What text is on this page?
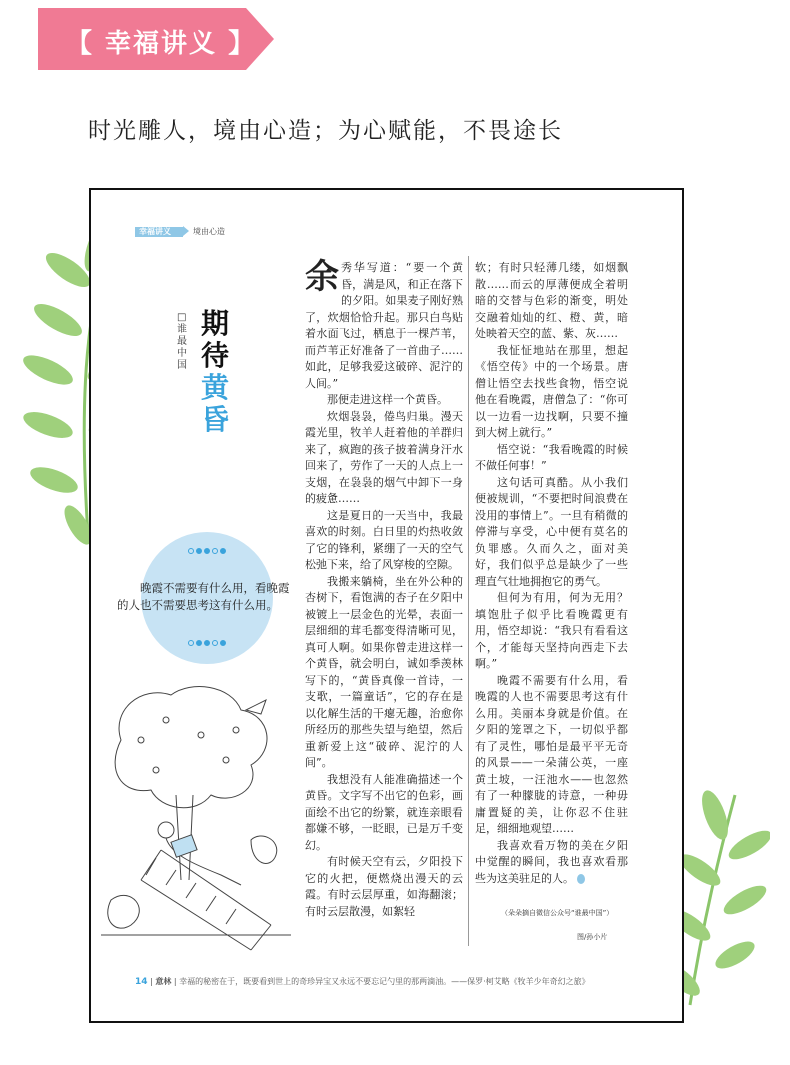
【 幸福讲义 】
时光雕人，境由心造；为心赋能，不畏途长
幸福讲义	境由心造
□谁最中国
期待黄昏
晚霞不需要有什么用，看晚霞的人也不需要思考这有什么用。

余秀华写道：“要一个黄昏，满是风，和正在落下的夕阳。如果麦子刚好熟了，炊烟恰恰升起。那只白鸟贴着水面飞过，栖息于一棵芦苇，而芦苇正好准备了一首曲子……如此，足够我爱这破碎、泥泞的人间。”

那便走进这样一个黄昏。

炊烟袅袅，倦鸟归巢。漫天霞光里，牧羊人赶着他的羊群归来了，疯跑的孩子披着满身汗水回来了，劳作了一天的人点上一支烟，在袅袅的烟气中卸下一身的疲惫……

这是夏日的一天当中，我最喜欢的时刻。白日里的灼热收敛了它的锋利，紧绷了一天的空气松弛下来，给了风穿梭的空隙。

我搬来躺椅，坐在外公种的杏树下，看饱满的杏子在夕阳中被镀上一层金色的光晕，表面一层细细的茸毛都变得清晰可见，真可人啊。如果你曾走进这样一个黄昏，就会明白，诚如季羡林写下的，“黄昏真像一首诗，一支歌，一篇童话”，它的存在是以化解生活的干瘪无趣，治愈你所经历的那些失望与绝望，然后重新爱上这“破碎、泥泞的人间”。

我想没有人能准确描述一个黄昏。文字写不出它的色彩，画面绘不出它的纷繁，就连亲眼看都嫌不够，一眨眼，已是万千变幻。

有时候天空有云，夕阳投下它的火把，便燃烧出漫天的云霞。有时云层厚重，如海翻滚；有时云层散漫，如絮轻

软；有时只轻薄几缕，如烟飘散……而云的厚薄便成全着明暗的交替与色彩的渐变，明处交融着灿灿的红、橙、黄，暗处映着天空的蓝、紫、灰……

我怔怔地站在那里，想起《悟空传》中的一个场景。唐僧让悟空去找些食物，悟空说他在看晚霞，唐僧急了：“你可以一边看一边找啊，只要不撞到大树上就行。”

悟空说：“我看晚霞的时候不做任何事！”

这句话可真酷。从小我们便被规训，“不要把时间浪费在没用的事情上”。一旦有稍微的停滞与享受，心中便有莫名的负罪感。久而久之，面对美好，我们似乎总是缺少了一些理直气壮地拥抱它的勇气。

但何为有用，何为无用？填饱肚子似乎比看晚霞更有用，悟空却说：“我只有看看这个，才能每天坚持向西走下去啊。”

晚霞不需要有什么用，看晚霞的人也不需要思考这有什么用。美丽本身就是价值。在夕阳的笼罩之下，一切似乎都有了灵性，哪怕是最平平无奇的风景——一朵蒲公英，一座黄土坡，一汪池水——也忽然有了一种朦胧的诗意，一种毋庸置疑的美，让你忍不住驻足，细细地观望……

我喜欢看万物的美在夕阳中觉醒的瞬间，我也喜欢看那些为这美驻足的人。

（朵朵摘自微信公众号“谁最中国”）
图/孙小片
14 | 意林 | 幸福的秘密在于，既要看到世上的奇珍异宝又永远不要忘记勺里的那两滴油。——保罗·柯艾略《牧羊少年奇幻之旅》
